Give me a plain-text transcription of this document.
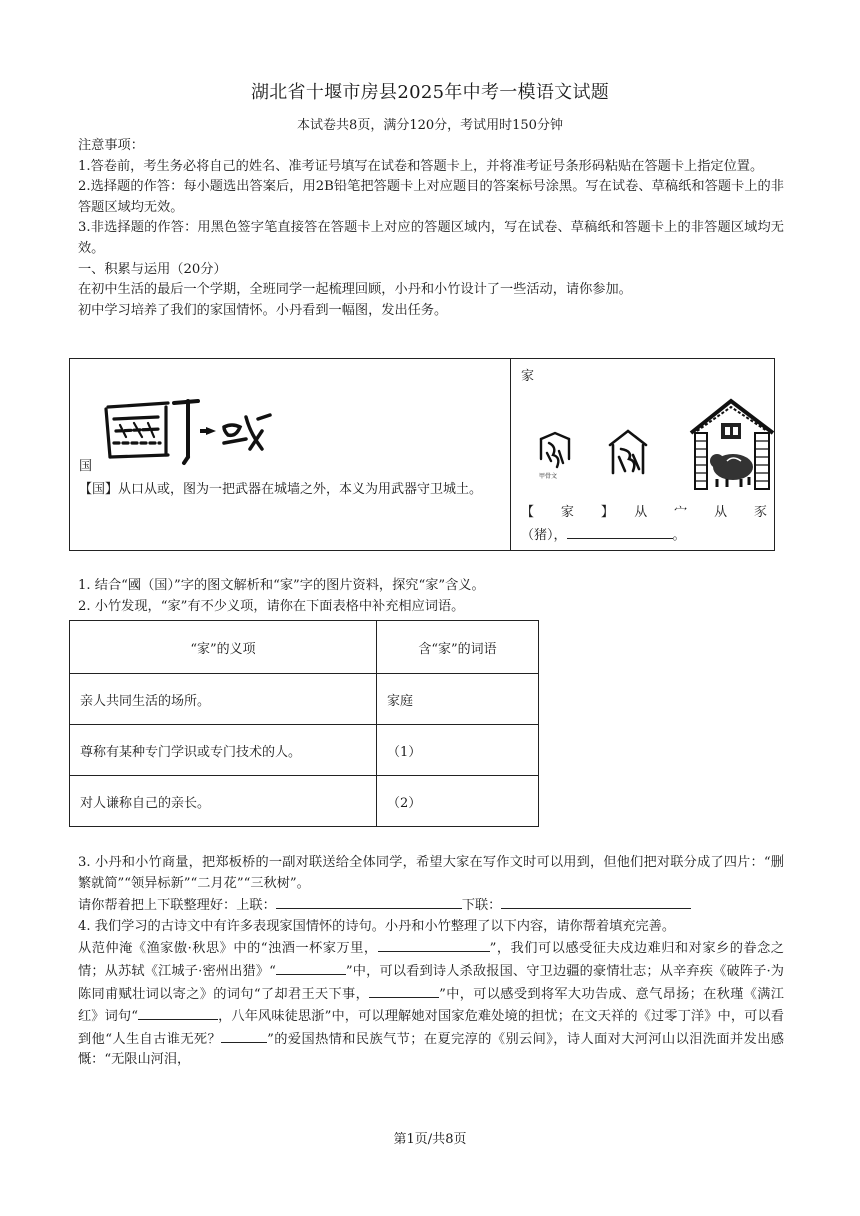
湖北省十堰市房县2025年中考一模语文试题
本试卷共8页，满分120分，考试用时150分钟

注意事项：

1.答卷前，考生务必将自己的姓名、准考证号填写在试卷和答题卡上，并将准考证号条形码粘贴在答题卡上指定位置。

2.选择题的作答：每小题选出答案后，用2B铅笔把答题卡上对应题目的答案标号涂黑。写在试卷、草稿纸和答题卡上的非答题区域均无效。

3.非选择题的作答：用黑色签字笔直接答在答题卡上对应的答题区域内，写在试卷、草稿纸和答题卡上的非答题区域均无效。

一、积累与运用（20分）

在初中生活的最后一个学期，全班同学一起梳理回顾，小丹和小竹设计了一些活动，请你参加。

初中学习培养了我们的家国情怀。小丹看到一幅图，发出任务。

国
【国】从口从或，图为一把武器在城墙之外，本义为用武器守卫城土。

家
甲骨文
【　家　】　从　宀　从　豕
（猪），	。

1. 结合“國（国）”字的图文解析和“家”字的图片资料，探究“家”含义。

2. 小竹发现，“家”有不少义项，请你在下面表格中补充相应词语。

“家”的义项	含“家”的词语
亲人共同生活的场所。	家庭
尊称有某种专门学识或专门技术的人。	（1）
对人谦称自己的亲长。	（2）

3. 小丹和小竹商量，把郑板桥的一副对联送给全体同学，希望大家在写作文时可以用到，但他们把对联分成了四片：“删繁就简”“领异标新”“二月花”“三秋树”。

请你帮着把上下联整理好：上联：	下联：

4. 我们学习的古诗文中有许多表现家国情怀的诗句。小丹和小竹整理了以下内容，请你帮着填充完善。

从范仲淹《渔家傲·秋思》中的“浊酒一杯家万里，	”，我们可以感受征夫戍边难归和对家乡的眷念之情；从苏轼《江城子·密州出猎》“	”中，可以看到诗人杀敌报国、守卫边疆的豪情壮志；从辛弃疾《破阵子·为陈同甫赋壮词以寄之》的词句“了却君王天下事，	”中，可以感受到将军大功告成、意气昂扬；在秋瑾《满江红》词句“	，八年风味徒思浙”中，可以理解她对国家危难处境的担忧；在文天祥的《过零丁洋》中，可以看到他“人生自古谁无死？	”的爱国热情和民族气节；在夏完淳的《别云间》，诗人面对大河河山以泪洗面并发出感慨：“无限山河泪，

第1页/共8页
